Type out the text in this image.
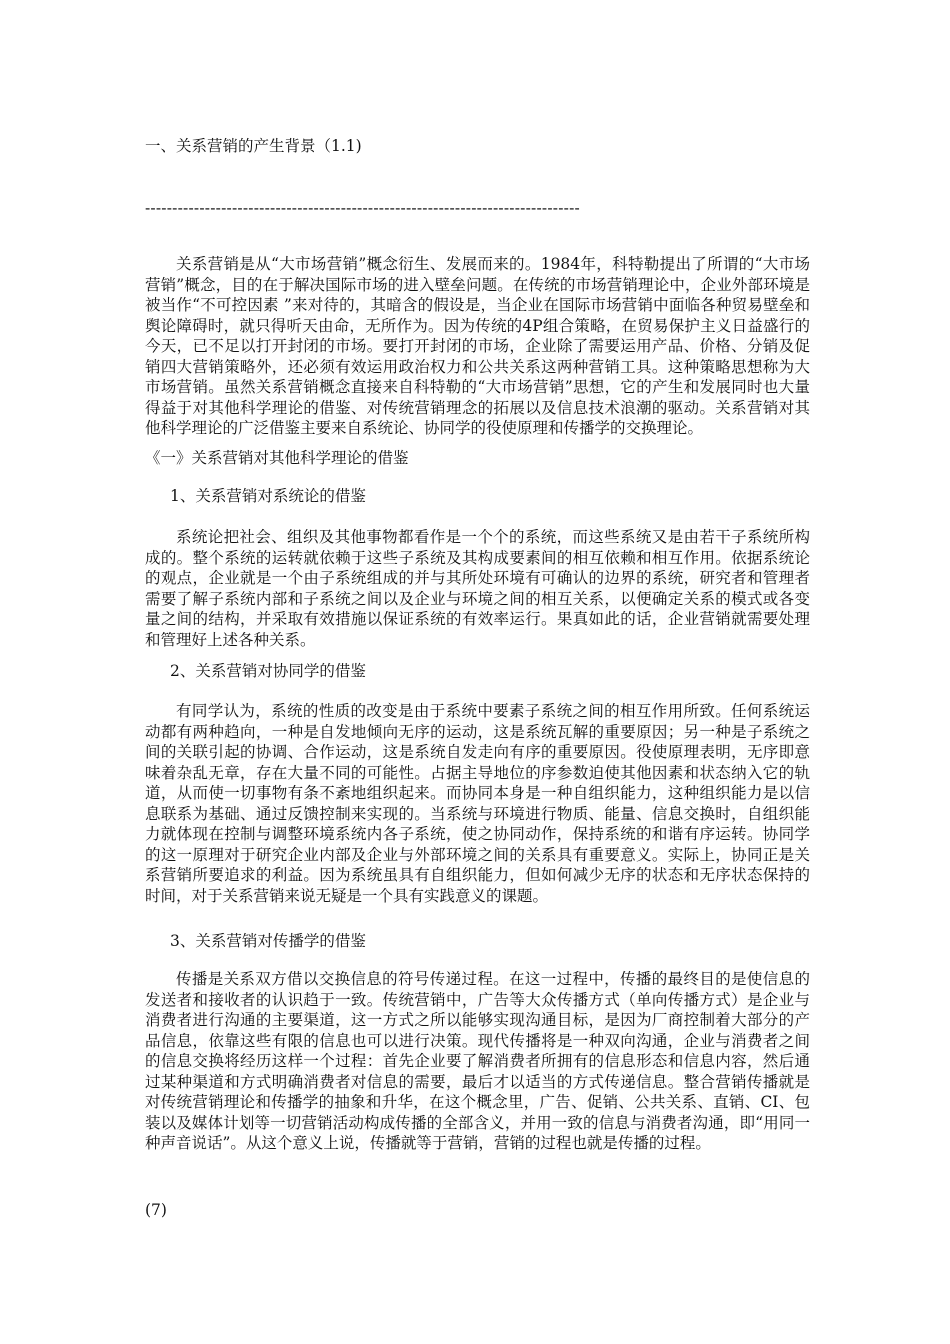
一、关系营销的产生背景（1.1)
--------------------------------------------------------------------------------

关系营销是从“大市场营销”概念衍生、发展而来的。1984年，科特勒提出了所谓的“大市场营销”概念，目的在于解决国际市场的进入壁垒问题。在传统的市场营销理论中，企业外部环境是被当作“不可控因素 ”来对待的，其暗含的假设是，当企业在国际市场营销中面临各种贸易壁垒和舆论障碍时，就只得听天由命，无所作为。因为传统的4P组合策略，在贸易保护主义日益盛行的今天，已不足以打开封闭的市场。要打开封闭的市场，企业除了需要运用产品、价格、分销及促销四大营销策略外，还必须有效运用政治权力和公共关系这两种营销工具。这种策略思想称为大市场营销。虽然关系营销概念直接来自科特勒的“大市场营销”思想，它的产生和发展同时也大量得益于对其他科学理论的借鉴、对传统营销理念的拓展以及信息技术浪潮的驱动。关系营销对其他科学理论的广泛借鉴主要来自系统论、协同学的役使原理和传播学的交换理论。

《一》关系营销对其他科学理论的借鉴
1、关系营销对系统论的借鉴

系统论把社会、组织及其他事物都看作是一个个的系统，而这些系统又是由若干子系统所构成的。整个系统的运转就依赖于这些子系统及其构成要素间的相互依赖和相互作用。依据系统论的观点，企业就是一个由子系统组成的并与其所处环境有可确认的边界的系统，研究者和管理者需要了解子系统内部和子系统之间以及企业与环境之间的相互关系，以便确定关系的模式或各变量之间的结构，并采取有效措施以保证系统的有效率运行。果真如此的话，企业营销就需要处理和管理好上述各种关系。

2、关系营销对协同学的借鉴

有同学认为，系统的性质的改变是由于系统中要素子系统之间的相互作用所致。任何系统运动都有两种趋向，一种是自发地倾向无序的运动，这是系统瓦解的重要原因；另一种是子系统之间的关联引起的协调、合作运动，这是系统自发走向有序的重要原因。役使原理表明，无序即意味着杂乱无章，存在大量不同的可能性。占据主导地位的序参数迫使其他因素和状态纳入它的轨道，从而使一切事物有条不紊地组织起来。而协同本身是一种自组织能力，这种组织能力是以信息联系为基础、通过反馈控制来实现的。当系统与环境进行物质、能量、信息交换时，自组织能力就体现在控制与调整环境系统内各子系统，使之协同动作，保持系统的和谐有序运转。协同学的这一原理对于研究企业内部及企业与外部环境之间的关系具有重要意义。实际上，协同正是关系营销所要追求的利益。因为系统虽具有自组织能力，但如何减少无序的状态和无序状态保持的时间，对于关系营销来说无疑是一个具有实践意义的课题。

3、关系营销对传播学的借鉴

传播是关系双方借以交换信息的符号传递过程。在这一过程中，传播的最终目的是使信息的发送者和接收者的认识趋于一致。传统营销中，广告等大众传播方式（单向传播方式）是企业与消费者进行沟通的主要渠道，这一方式之所以能够实现沟通目标，是因为厂商控制着大部分的产品信息，依靠这些有限的信息也可以进行决策。现代传播将是一种双向沟通，企业与消费者之间的信息交换将经历这样一个过程：首先企业要了解消费者所拥有的信息形态和信息内容，然后通过某种渠道和方式明确消费者对信息的需要，最后才以适当的方式传递信息。整合营销传播就是对传统营销理论和传播学的抽象和升华，在这个概念里，广告、促销、公共关系、直销、CI、包装以及媒体计划等一切营销活动构成传播的全部含义，并用一致的信息与消费者沟通，即“用同一种声音说话”。从这个意义上说，传播就等于营销，营销的过程也就是传播的过程。

(7)
